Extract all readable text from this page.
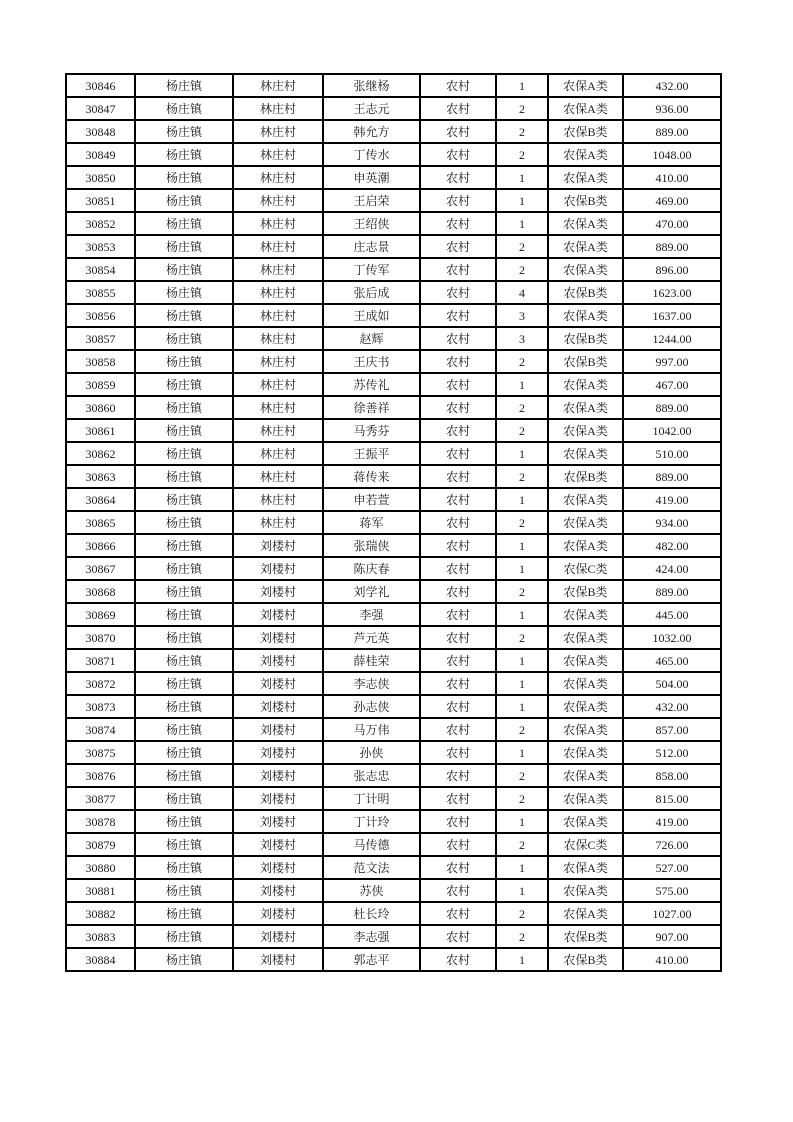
30846	杨庄镇	林庄村	张继杨	农村	1	农保A类	432.00
30847	杨庄镇	林庄村	王志元	农村	2	农保A类	936.00
30848	杨庄镇	林庄村	韩允方	农村	2	农保B类	889.00
30849	杨庄镇	林庄村	丁传水	农村	2	农保A类	1048.00
30850	杨庄镇	林庄村	申英潮	农村	1	农保A类	410.00
30851	杨庄镇	林庄村	王启荣	农村	1	农保B类	469.00
30852	杨庄镇	林庄村	王绍侠	农村	1	农保A类	470.00
30853	杨庄镇	林庄村	庄志景	农村	2	农保A类	889.00
30854	杨庄镇	林庄村	丁传军	农村	2	农保A类	896.00
30855	杨庄镇	林庄村	张后成	农村	4	农保B类	1623.00
30856	杨庄镇	林庄村	王成如	农村	3	农保A类	1637.00
30857	杨庄镇	林庄村	赵辉	农村	3	农保B类	1244.00
30858	杨庄镇	林庄村	王庆书	农村	2	农保B类	997.00
30859	杨庄镇	林庄村	苏传礼	农村	1	农保A类	467.00
30860	杨庄镇	林庄村	徐善祥	农村	2	农保A类	889.00
30861	杨庄镇	林庄村	马秀芬	农村	2	农保A类	1042.00
30862	杨庄镇	林庄村	王振平	农村	1	农保A类	510.00
30863	杨庄镇	林庄村	蒋传来	农村	2	农保B类	889.00
30864	杨庄镇	林庄村	申若萱	农村	1	农保A类	419.00
30865	杨庄镇	林庄村	蒋军	农村	2	农保A类	934.00
30866	杨庄镇	刘楼村	张瑞侠	农村	1	农保A类	482.00
30867	杨庄镇	刘楼村	陈庆春	农村	1	农保C类	424.00
30868	杨庄镇	刘楼村	刘学礼	农村	2	农保B类	889.00
30869	杨庄镇	刘楼村	李强	农村	1	农保A类	445.00
30870	杨庄镇	刘楼村	芦元英	农村	2	农保A类	1032.00
30871	杨庄镇	刘楼村	薛桂荣	农村	1	农保A类	465.00
30872	杨庄镇	刘楼村	李志侠	农村	1	农保A类	504.00
30873	杨庄镇	刘楼村	孙志侠	农村	1	农保A类	432.00
30874	杨庄镇	刘楼村	马万伟	农村	2	农保A类	857.00
30875	杨庄镇	刘楼村	孙侠	农村	1	农保A类	512.00
30876	杨庄镇	刘楼村	张志忠	农村	2	农保A类	858.00
30877	杨庄镇	刘楼村	丁计明	农村	2	农保A类	815.00
30878	杨庄镇	刘楼村	丁计玲	农村	1	农保A类	419.00
30879	杨庄镇	刘楼村	马传德	农村	2	农保C类	726.00
30880	杨庄镇	刘楼村	范文法	农村	1	农保A类	527.00
30881	杨庄镇	刘楼村	苏侠	农村	1	农保A类	575.00
30882	杨庄镇	刘楼村	杜长玲	农村	2	农保A类	1027.00
30883	杨庄镇	刘楼村	李志强	农村	2	农保B类	907.00
30884	杨庄镇	刘楼村	郭志平	农村	1	农保B类	410.00
